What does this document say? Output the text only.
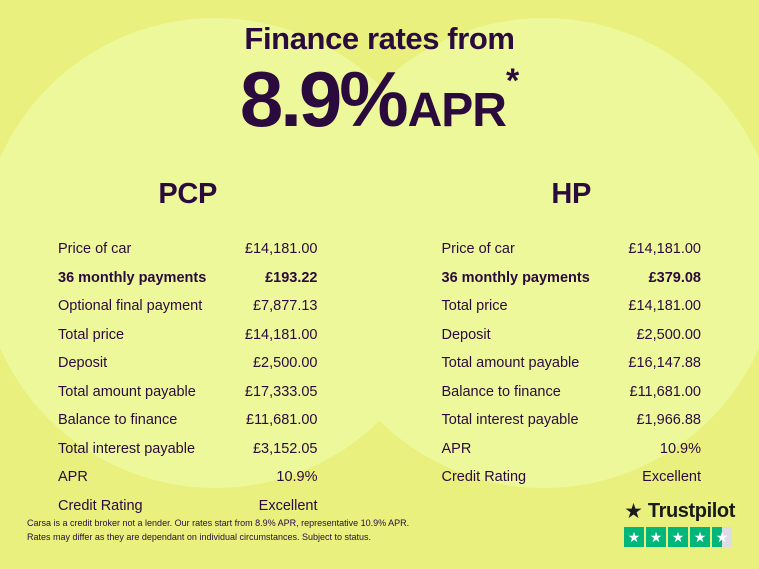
Finance rates from
8.9%APR*
PCP
Price of car	£14,181.00
36 monthly payments	£193.22
Optional final payment	£7,877.13
Total price	£14,181.00
Deposit	£2,500.00
Total amount payable	£17,333.05
Balance to finance	£11,681.00
Total interest payable	£3,152.05
APR	10.9%
Credit Rating	Excellent
HP
Price of car	£14,181.00
36 monthly payments	£379.08
Total price	£14,181.00
Deposit	£2,500.00
Total amount payable	£16,147.88
Balance to finance	£11,681.00
Total interest payable	£1,966.88
APR	10.9%
Credit Rating	Excellent
Carsa is a credit broker not a lender. Our rates start from 8.9% APR, representative 10.9% APR.
Rates may differ as they are dependant on individual circumstances. Subject to status.
★ Trustpilot
★ ★ ★ ★ ★
